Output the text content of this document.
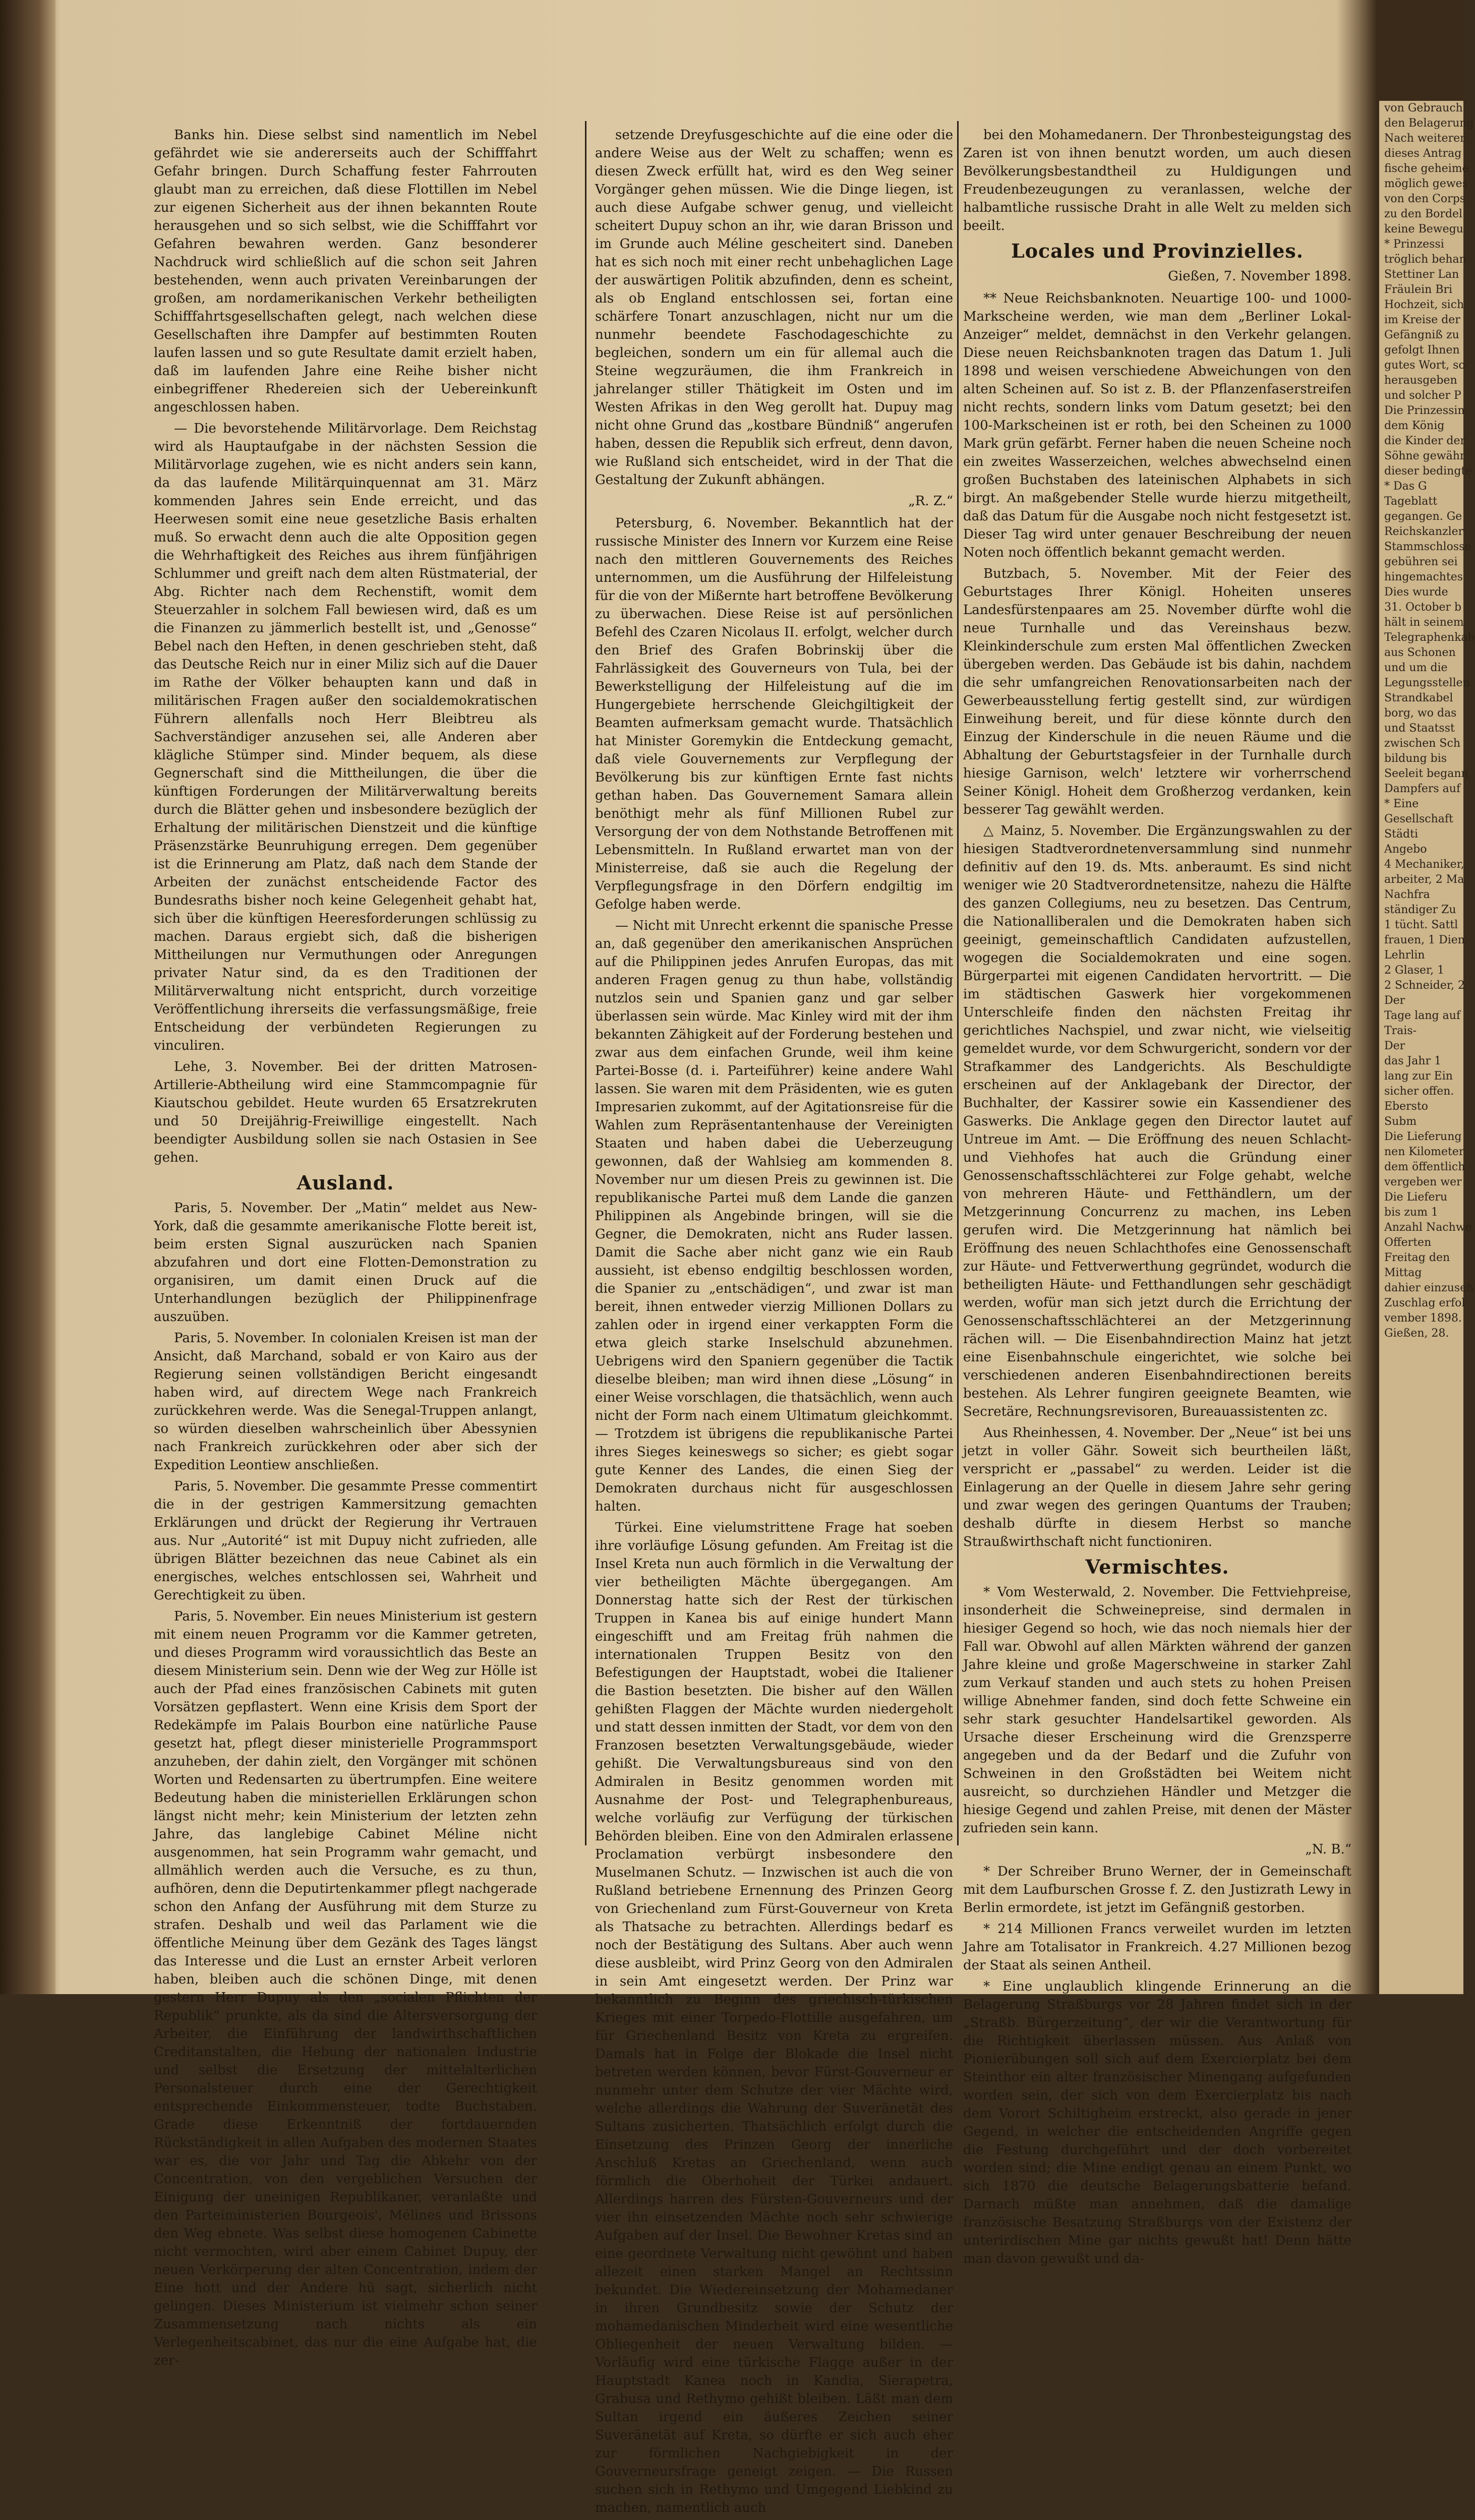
Banks hin. Diese selbst sind namentlich im Nebel gefährdet wie sie andererseits auch der Schifffahrt Gefahr bringen. Durch Schaffung fester Fahrrouten glaubt man zu erreichen, daß diese Flottillen im Nebel zur eigenen Sicherheit aus der ihnen bekannten Route herausgehen und so sich selbst, wie die Schifffahrt vor Gefahren bewahren werden. Ganz besonderer Nachdruck wird schließlich auf die schon seit Jahren bestehenden, wenn auch privaten Vereinbarungen der großen, am nordamerikanischen Verkehr betheiligten Schifffahrtsgesellschaften gelegt, nach welchen diese Gesellschaften ihre Dampfer auf bestimmten Routen laufen lassen und so gute Resultate damit erzielt haben, daß im laufenden Jahre eine Reihe bisher nicht einbegriffener Rhedereien sich der Uebereinkunft angeschlossen haben.

— Die bevorstehende Militärvorlage. Dem Reichstag wird als Hauptaufgabe in der nächsten Session die Militärvorlage zugehen, wie es nicht anders sein kann, da das laufende Militärquinquennat am 31. März kommenden Jahres sein Ende erreicht, und das Heerwesen somit eine neue gesetzliche Basis erhalten muß. So erwacht denn auch die alte Opposition gegen die Wehrhaftigkeit des Reiches aus ihrem fünfjährigen Schlummer und greift nach dem alten Rüstmaterial, der Abg. Richter nach dem Rechenstift, womit dem Steuerzahler in solchem Fall bewiesen wird, daß es um die Finanzen zu jämmerlich bestellt ist, und „Genosse“ Bebel nach den Heften, in denen geschrieben steht, daß das Deutsche Reich nur in einer Miliz sich auf die Dauer im Rathe der Völker behaupten kann und daß in militärischen Fragen außer den socialdemokratischen Führern allenfalls noch Herr Bleibtreu als Sachverständiger anzusehen sei, alle Anderen aber klägliche Stümper sind. Minder bequem, als diese Gegnerschaft sind die Mittheilungen, die über die künftigen Forderungen der Militärverwaltung bereits durch die Blätter gehen und insbesondere bezüglich der Erhaltung der militärischen Dienstzeit und die künftige Präsenzstärke Beunruhigung erregen. Dem gegenüber ist die Erinnerung am Platz, daß nach dem Stande der Arbeiten der zunächst entscheidende Factor des Bundesraths bisher noch keine Gelegenheit gehabt hat, sich über die künftigen Heeresforderungen schlüssig zu machen. Daraus ergiebt sich, daß die bisherigen Mittheilungen nur Vermuthungen oder Anregungen privater Natur sind, da es den Traditionen der Militärverwaltung nicht entspricht, durch vorzeitige Veröffentlichung ihrerseits die verfassungsmäßige, freie Entscheidung der verbündeten Regierungen zu vinculiren.

Lehe, 3. November. Bei der dritten Matrosen-Artillerie-Abtheilung wird eine Stammcompagnie für Kiautschou gebildet. Heute wurden 65 Ersatzrekruten und 50 Dreijährig-Freiwillige eingestellt. Nach beendigter Ausbildung sollen sie nach Ostasien in See gehen.

Ausland.

Paris, 5. November. Der „Matin“ meldet aus New-York, daß die gesammte amerikanische Flotte bereit ist, beim ersten Signal auszurücken nach Spanien abzufahren und dort eine Flotten-Demonstration zu organisiren, um damit einen Druck auf die Unterhandlungen bezüglich der Philippinenfrage auszuüben.

Paris, 5. November. In colonialen Kreisen ist man der Ansicht, daß Marchand, sobald er von Kairo aus der Regierung seinen vollständigen Bericht eingesandt haben wird, auf directem Wege nach Frankreich zurückkehren werde. Was die Senegal-Truppen anlangt, so würden dieselben wahrscheinlich über Abessynien nach Frankreich zurückkehren oder aber sich der Expedition Leontiew anschließen.

Paris, 5. November. Die gesammte Presse commentirt die in der gestrigen Kammersitzung gemachten Erklärungen und drückt der Regierung ihr Vertrauen aus. Nur „Autorité“ ist mit Dupuy nicht zufrieden, alle übrigen Blätter bezeichnen das neue Cabinet als ein energisches, welches entschlossen sei, Wahrheit und Gerechtigkeit zu üben.

Paris, 5. November. Ein neues Ministerium ist gestern mit einem neuen Programm vor die Kammer getreten, und dieses Programm wird voraussichtlich das Beste an diesem Ministerium sein. Denn wie der Weg zur Hölle ist auch der Pfad eines französischen Cabinets mit guten Vorsätzen gepflastert. Wenn eine Krisis dem Sport der Redekämpfe im Palais Bourbon eine natürliche Pause gesetzt hat, pflegt dieser ministerielle Programmsport anzuheben, der dahin zielt, den Vorgänger mit schönen Worten und Redensarten zu übertrumpfen. Eine weitere Bedeutung haben die ministeriellen Erklärungen schon längst nicht mehr; kein Ministerium der letzten zehn Jahre, das langlebige Cabinet Méline nicht ausgenommen, hat sein Programm wahr gemacht, und allmählich werden auch die Versuche, es zu thun, aufhören, denn die Deputirtenkammer pflegt nachgerade schon den Anfang der Ausführung mit dem Sturze zu strafen. Deshalb und weil das Parlament wie die öffentliche Meinung über dem Gezänk des Tages längst das Interesse und die Lust an ernster Arbeit verloren haben, bleiben auch die schönen Dinge, mit denen gestern Herr Dupuy als den „socialen Pflichten der Republik“ prunkte, als da sind die Altersversorgung der Arbeiter, die Einführung der landwirthschaftlichen Creditanstalten, die Hebung der nationalen Industrie und selbst die Ersetzung der mittelalterlichen Personalsteuer durch eine der Gerechtigkeit entsprechende Einkommensteuer, todte Buchstaben. Grade diese Erkenntniß der fortdauernden Rückständigkeit in allen Aufgaben des modernen Staates war es, die vor Jahr und Tag die Abkehr von der Concentration, von den vergeblichen Versuchen der Einigung der uneinigen Republikaner, veranlaßte und den Parteiministerien Bourgeois', Mélines und Brissons den Weg ebnete. Was selbst diese homogenen Cabinette nicht vermochten, wird aber einem Cabinet Dupuy, der neuen Verkörperung der alten Concentration, indem der Eine hott und der Andere hü sagt, sicherlich nicht gelingen. Dieses Ministerium ist vielmehr schon seiner Zusammensetzung nach nichts als ein Verlegenheitscabinet, das nur die eine Aufgabe hat, die zer-

setzende Dreyfusgeschichte auf die eine oder die andere Weise aus der Welt zu schaffen; wenn es diesen Zweck erfüllt hat, wird es den Weg seiner Vorgänger gehen müssen. Wie die Dinge liegen, ist auch diese Aufgabe schwer genug, und vielleicht scheitert Dupuy schon an ihr, wie daran Brisson und im Grunde auch Méline gescheitert sind. Daneben hat es sich noch mit einer recht unbehaglichen Lage der auswärtigen Politik abzufinden, denn es scheint, als ob England entschlossen sei, fortan eine schärfere Tonart anzuschlagen, nicht nur um die nunmehr beendete Faschodageschichte zu begleichen, sondern um ein für allemal auch die Steine wegzuräumen, die ihm Frankreich in jahrelanger stiller Thätigkeit im Osten und im Westen Afrikas in den Weg gerollt hat. Dupuy mag nicht ohne Grund das „kostbare Bündniß“ angerufen haben, dessen die Republik sich erfreut, denn davon, wie Rußland sich entscheidet, wird in der That die Gestaltung der Zukunft abhängen.

„R. Z.“

Petersburg, 6. November. Bekanntlich hat der russische Minister des Innern vor Kurzem eine Reise nach den mittleren Gouvernements des Reiches unternommen, um die Ausführung der Hilfeleistung für die von der Mißernte hart betroffene Bevölkerung zu überwachen. Diese Reise ist auf persönlichen Befehl des Czaren Nicolaus II. erfolgt, welcher durch den Brief des Grafen Bobrinskij über die Fahrlässigkeit des Gouverneurs von Tula, bei der Bewerkstelligung der Hilfeleistung auf die im Hungergebiete herrschende Gleichgiltigkeit der Beamten aufmerksam gemacht wurde. Thatsächlich hat Minister Goremykin die Entdeckung gemacht, daß viele Gouvernements zur Verpflegung der Bevölkerung bis zur künftigen Ernte fast nichts gethan haben. Das Gouvernement Samara allein benöthigt mehr als fünf Millionen Rubel zur Versorgung der von dem Nothstande Betroffenen mit Lebensmitteln. In Rußland erwartet man von der Ministerreise, daß sie auch die Regelung der Verpflegungsfrage in den Dörfern endgiltig im Gefolge haben werde.

— Nicht mit Unrecht erkennt die spanische Presse an, daß gegenüber den amerikanischen Ansprüchen auf die Philippinen jedes Anrufen Europas, das mit anderen Fragen genug zu thun habe, vollständig nutzlos sein und Spanien ganz und gar selber überlassen sein würde. Mac Kinley wird mit der ihm bekannten Zähigkeit auf der Forderung bestehen und zwar aus dem einfachen Grunde, weil ihm keine Partei-Bosse (d. i. Parteiführer) keine andere Wahl lassen. Sie waren mit dem Präsidenten, wie es guten Impresarien zukommt, auf der Agitationsreise für die Wahlen zum Repräsentantenhause der Vereinigten Staaten und haben dabei die Ueberzeugung gewonnen, daß der Wahlsieg am kommenden 8. November nur um diesen Preis zu gewinnen ist. Die republikanische Partei muß dem Lande die ganzen Philippinen als Angebinde bringen, will sie die Gegner, die Demokraten, nicht ans Ruder lassen. Damit die Sache aber nicht ganz wie ein Raub aussieht, ist ebenso endgiltig beschlossen worden, die Spanier zu „entschädigen“, und zwar ist man bereit, ihnen entweder vierzig Millionen Dollars zu zahlen oder in irgend einer verkappten Form die etwa gleich starke Inselschuld abzunehmen. Uebrigens wird den Spaniern gegenüber die Tactik dieselbe bleiben; man wird ihnen diese „Lösung“ in einer Weise vorschlagen, die thatsächlich, wenn auch nicht der Form nach einem Ultimatum gleichkommt. — Trotzdem ist übrigens die republikanische Partei ihres Sieges keineswegs so sicher; es giebt sogar gute Kenner des Landes, die einen Sieg der Demokraten durchaus nicht für ausgeschlossen halten.

Türkei. Eine vielumstrittene Frage hat soeben ihre vorläufige Lösung gefunden. Am Freitag ist die Insel Kreta nun auch förmlich in die Verwaltung der vier betheiligten Mächte übergegangen. Am Donnerstag hatte sich der Rest der türkischen Truppen in Kanea bis auf einige hundert Mann eingeschifft und am Freitag früh nahmen die internationalen Truppen Besitz von den Befestigungen der Hauptstadt, wobei die Italiener die Bastion besetzten. Die bisher auf den Wällen gehißten Flaggen der Mächte wurden niedergeholt und statt dessen inmitten der Stadt, vor dem von den Franzosen besetzten Verwaltungsgebäude, wieder gehißt. Die Verwaltungsbureaus sind von den Admiralen in Besitz genommen worden mit Ausnahme der Post- und Telegraphenbureaus, welche vorläufig zur Verfügung der türkischen Behörden bleiben. Eine von den Admiralen erlassene Proclamation verbürgt insbesondere den Muselmanen Schutz. — Inzwischen ist auch die von Rußland betriebene Ernennung des Prinzen Georg von Griechenland zum Fürst-Gouverneur von Kreta als Thatsache zu betrachten. Allerdings bedarf es noch der Bestätigung des Sultans. Aber auch wenn diese ausbleibt, wird Prinz Georg von den Admiralen in sein Amt eingesetzt werden. Der Prinz war bekanntlich zu Beginn des griechisch-türkischen Krieges mit einer Torpedo-Flottille ausgefahren, um für Griechenland Besitz von Kreta zu ergreifen. Damals hat in Folge der Blokade die Insel nicht betreten werden können, bevor Fürst-Gouverneur er nunmehr unter dem Schutze der vier Mächte wird, welche allerdings die Wahrung der Suveränetät des Sultans zusicherten. Thatsächlich erfolgt durch die Einsetzung des Prinzen Georg der innerliche Anschluß Kretas an Griechenland, wenn auch förmlich die Oberhoheit der Türkei andauert. Allerdings harren des Fürsten-Gouverneurs und der vier ihn einsetzenden Mächte noch sehr schwierige Aufgaben auf der Insel. Die Bewohner Kretas sind an eine geordnete Verwaltung nicht gewöhnt und haben allezeit einen starken Mangel an Rechtssinn bekundet. Die Wiedereinsetzung der Mohamedaner in ihren Grundbesitz sowie der Schutz der mohamedanischen Minderheit wird eine wesentliche Obliegenheit der neuen Verwaltung bilden. — Vorläufig wird eine türkische Flagge außer in der Hauptstadt Kanea noch in Kandia, Sierapetra, Grabusa und Rethymo gehißt bleiben. Läßt man dem Sultan irgend ein äußeres Zeichen seiner Suveränetät auf Kreta, so dürfte er sich auch eher zur förmlichen Nachgiebigkeit in der Gouverneursfrage geneigt zeigen. — Die Russen suchen sich in Rethymo und Umgegend Liebkind zu machen, namentlich auch

bei den Mohamedanern. Der Thronbesteigungstag des Zaren ist von ihnen benutzt worden, um auch diesen Bevölkerungsbestandtheil zu Huldigungen und Freudenbezeugungen zu veranlassen, welche der halbamtliche russische Draht in alle Welt zu melden sich beeilt.

Locales und Provinzielles.
Gießen, 7. November 1898.

** Neue Reichsbanknoten. Neuartige 100- und 1000-Markscheine werden, wie man dem „Berliner Lokal-Anzeiger“ meldet, demnächst in den Verkehr gelangen. Diese neuen Reichsbanknoten tragen das Datum 1. Juli 1898 und weisen verschiedene Abweichungen von den alten Scheinen auf. So ist z. B. der Pflanzenfaserstreifen nicht rechts, sondern links vom Datum gesetzt; bei den 100-Markscheinen ist er roth, bei den Scheinen zu 1000 Mark grün gefärbt. Ferner haben die neuen Scheine noch ein zweites Wasserzeichen, welches abwechselnd einen großen Buchstaben des lateinischen Alphabets in sich birgt. An maßgebender Stelle wurde hierzu mitgetheilt, daß das Datum für die Ausgabe noch nicht festgesetzt ist. Dieser Tag wird unter genauer Beschreibung der neuen Noten noch öffentlich bekannt gemacht werden.

Butzbach, 5. November. Mit der Feier des Geburtstages Ihrer Königl. Hoheiten unseres Landesfürstenpaares am 25. November dürfte wohl die neue Turnhalle und das Vereinshaus bezw. Kleinkinderschule zum ersten Mal öffentlichen Zwecken übergeben werden. Das Gebäude ist bis dahin, nachdem die sehr umfangreichen Renovationsarbeiten nach der Gewerbeausstellung fertig gestellt sind, zur würdigen Einweihung bereit, und für diese könnte durch den Einzug der Kinderschule in die neuen Räume und die Abhaltung der Geburtstagsfeier in der Turnhalle durch hiesige Garnison, welch' letztere wir vorherrschend Seiner Königl. Hoheit dem Großherzog verdanken, kein besserer Tag gewählt werden.

△ Mainz, 5. November. Die Ergänzungswahlen zu der hiesigen Stadtverordnetenversammlung sind nunmehr definitiv auf den 19. ds. Mts. anberaumt. Es sind nicht weniger wie 20 Stadtverordnetensitze, nahezu die Hälfte des ganzen Collegiums, neu zu besetzen. Das Centrum, die Nationalliberalen und die Demokraten haben sich geeinigt, gemeinschaftlich Candidaten aufzustellen, wogegen die Socialdemokraten und eine sogen. Bürgerpartei mit eigenen Candidaten hervortritt. — Die im städtischen Gaswerk hier vorgekommenen Unterschleife finden den nächsten Freitag ihr gerichtliches Nachspiel, und zwar nicht, wie vielseitig gemeldet wurde, vor dem Schwurgericht, sondern vor der Strafkammer des Landgerichts. Als Beschuldigte erscheinen auf der Anklagebank der Director, der Buchhalter, der Kassirer sowie ein Kassendiener des Gaswerks. Die Anklage gegen den Director lautet auf Untreue im Amt. — Die Eröffnung des neuen Schlacht- und Viehhofes hat auch die Gründung einer Genossenschaftsschlächterei zur Folge gehabt, welche von mehreren Häute- und Fetthändlern, um der Metzgerinnung Concurrenz zu machen, ins Leben gerufen wird. Die Metzgerinnung hat nämlich bei Eröffnung des neuen Schlachthofes eine Genossenschaft zur Häute- und Fettverwerthung gegründet, wodurch die betheiligten Häute- und Fetthandlungen sehr geschädigt werden, wofür man sich jetzt durch die Errichtung der Genossenschaftsschlächterei an der Metzgerinnung rächen will. — Die Eisenbahndirection Mainz hat jetzt eine Eisenbahnschule eingerichtet, wie solche bei verschiedenen anderen Eisenbahndirectionen bereits bestehen. Als Lehrer fungiren geeignete Beamten, wie Secretäre, Rechnungsrevisoren, Bureauassistenten zc.

Aus Rheinhessen, 4. November. Der „Neue“ ist bei uns jetzt in voller Gähr. Soweit sich beurtheilen läßt, verspricht er „passabel“ zu werden. Leider ist die Einlagerung an der Quelle in diesem Jahre sehr gering und zwar wegen des geringen Quantums der Trauben; deshalb dürfte in diesem Herbst so manche Straußwirthschaft nicht functioniren.

Vermischtes.

* Vom Westerwald, 2. November. Die Fettviehpreise, insonderheit die Schweinepreise, sind dermalen in hiesiger Gegend so hoch, wie das noch niemals hier der Fall war. Obwohl auf allen Märkten während der ganzen Jahre kleine und große Magerschweine in starker Zahl zum Verkauf standen und auch stets zu hohen Preisen willige Abnehmer fanden, sind doch fette Schweine ein sehr stark gesuchter Handelsartikel geworden. Als Ursache dieser Erscheinung wird die Grenzsperre angegeben und da der Bedarf und die Zufuhr von Schweinen in den Großstädten bei Weitem nicht ausreicht, so durchziehen Händler und Metzger die hiesige Gegend und zahlen Preise, mit denen der Mäster zufrieden sein kann.

„N. B.“

* Der Schreiber Bruno Werner, der in Gemeinschaft mit dem Laufburschen Grosse f. Z. den Justizrath Lewy in Berlin ermordete, ist jetzt im Gefängniß gestorben.

* 214 Millionen Francs verweilet wurden im letzten Jahre am Totalisator in Frankreich. 4.27 Millionen bezog der Staat als seinen Antheil.

* Eine unglaublich klingende Erinnerung an die Belagerung Straßburgs vor 28 Jahren findet sich in der „Straßb. Bürgerzeitung“, der wir die Verantwortung für die Richtigkeit überlassen müssen. Aus Anlaß von Pionierübungen soll sich auf dem Exercierplatz bei dem Steinthor ein alter französischer Minengang aufgefunden worden sein, der sich von dem Exercierplatz bis nach dem Vorort Schiltigheim erstreckt, also gerade in jener Gegend, in welcher die entscheidenden Angriffe gegen die Festung durchgeführt und der doch vorbereitet worden sind; die Mine endigt genau an einem Punkt, wo sich 1870 die deutsche Belagerungsbatterie befand. Darnach müßte man annehmen, daß die damalige französische Besatzung Straßburgs von der Existenz der unterirdischen Mine gar nichts gewußt hat! Denn hätte man davon gewußt und da-

von Gebrauch
den Belagerung
Nach weiterer
dieses Antrag
fische geheime
möglich gewes
von den Corps
zu den Bordel
keine Bewegu
* Prinzessi
tröglich behan
Stettiner Lan
Fräulein Bri
Hochzeit, sich
im Kreise der
Gefängniß zu
gefolgt Ihnen
gutes Wort, so
herausgeben
und solcher P
Die Prinzessin
dem König
die Kinder der
Söhne gewähr
dieser bedingte
* Das G
Tageblatt
gegangen. Ge
Reichskanzler
Stammschlosse
gebühren sei
hingemachtes
Dies wurde
31. October b
hält in seinem
Telegraphenkab
aus Schonen
und um die
Legungsstellen
Strandkabel
borg, wo das
und Staatsst
zwischen Sch
bildung bis
Seeleit begann
Dampfers auf
* Eine
Gesellschaft
Städti
Angebo
4 Mechaniker,
arbeiter, 2 Ma
Nachfra
ständiger Zu
1 tücht. Sattl
frauen, 1 Dien
Lehrlin
2 Glaser, 1
2 Schneider, 2
Der
Tage lang auf
Trais-
Der
das Jahr 1
lang zur Ein
sicher offen.
Ebersto
Subm
Die Lieferung
nen Kilometer
dem öffentlich
vergeben wer
Die Lieferu
bis zum 1
Anzahl Nachwe
Offerten
Freitag den
Mittag
dahier einzuseh
Zuschlag erfol
vember 1898.
Gießen, 28.
